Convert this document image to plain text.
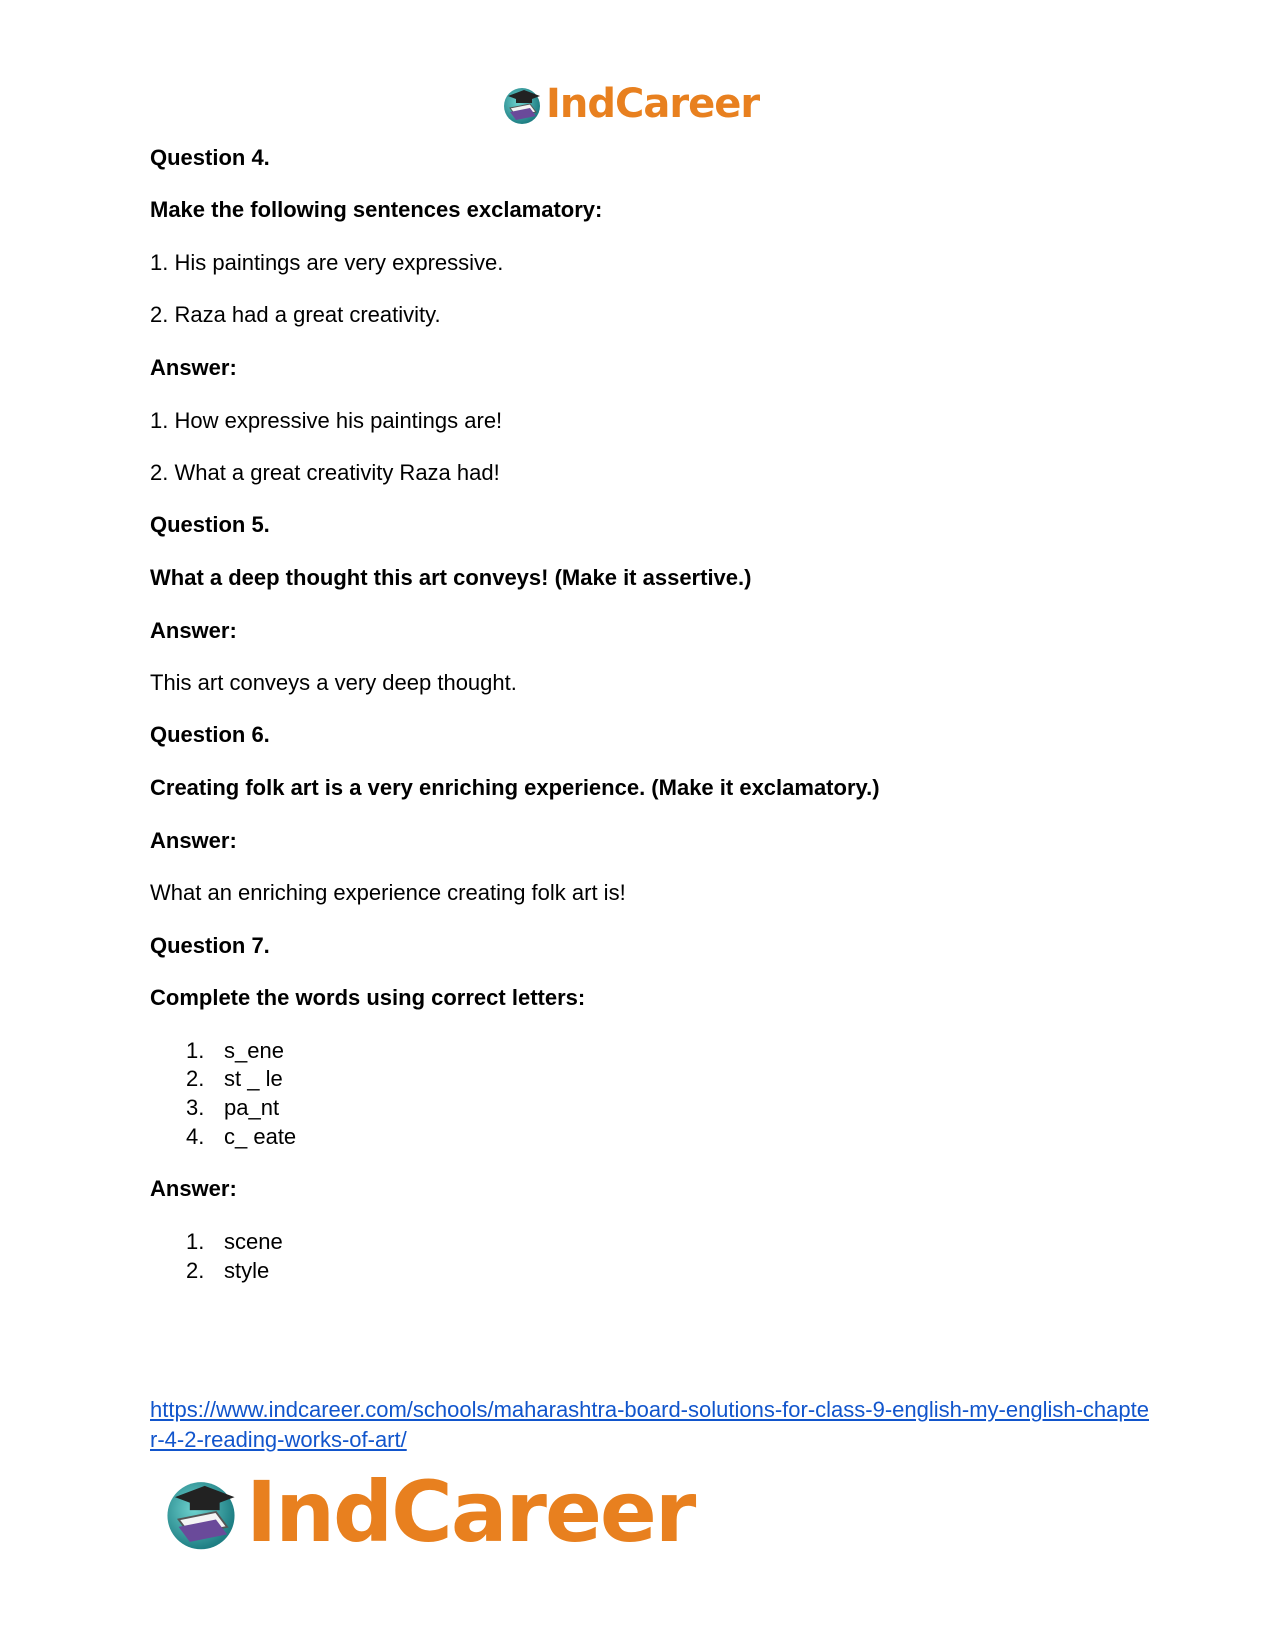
IndCareer
Question 4.
Make the following sentences exclamatory:
1. His paintings are very expressive.
2. Raza had a great creativity.
Answer:
1. How expressive his paintings are!
2. What a great creativity Raza had!
Question 5.
What a deep thought this art conveys! (Make it assertive.)
Answer:
This art conveys a very deep thought.
Question 6.
Creating folk art is a very enriching experience. (Make it exclamatory.)
Answer:
What an enriching experience creating folk art is!
Question 7.
Complete the words using correct letters:
1. s_ene
2. st _ le
3. pa_nt
4. c_ eate
Answer:
1. scene
2. style
https://www.indcareer.com/schools/maharashtra-board-solutions-for-class-9-english-my-english-chapter-4-2-reading-works-of-art/
IndCareer
